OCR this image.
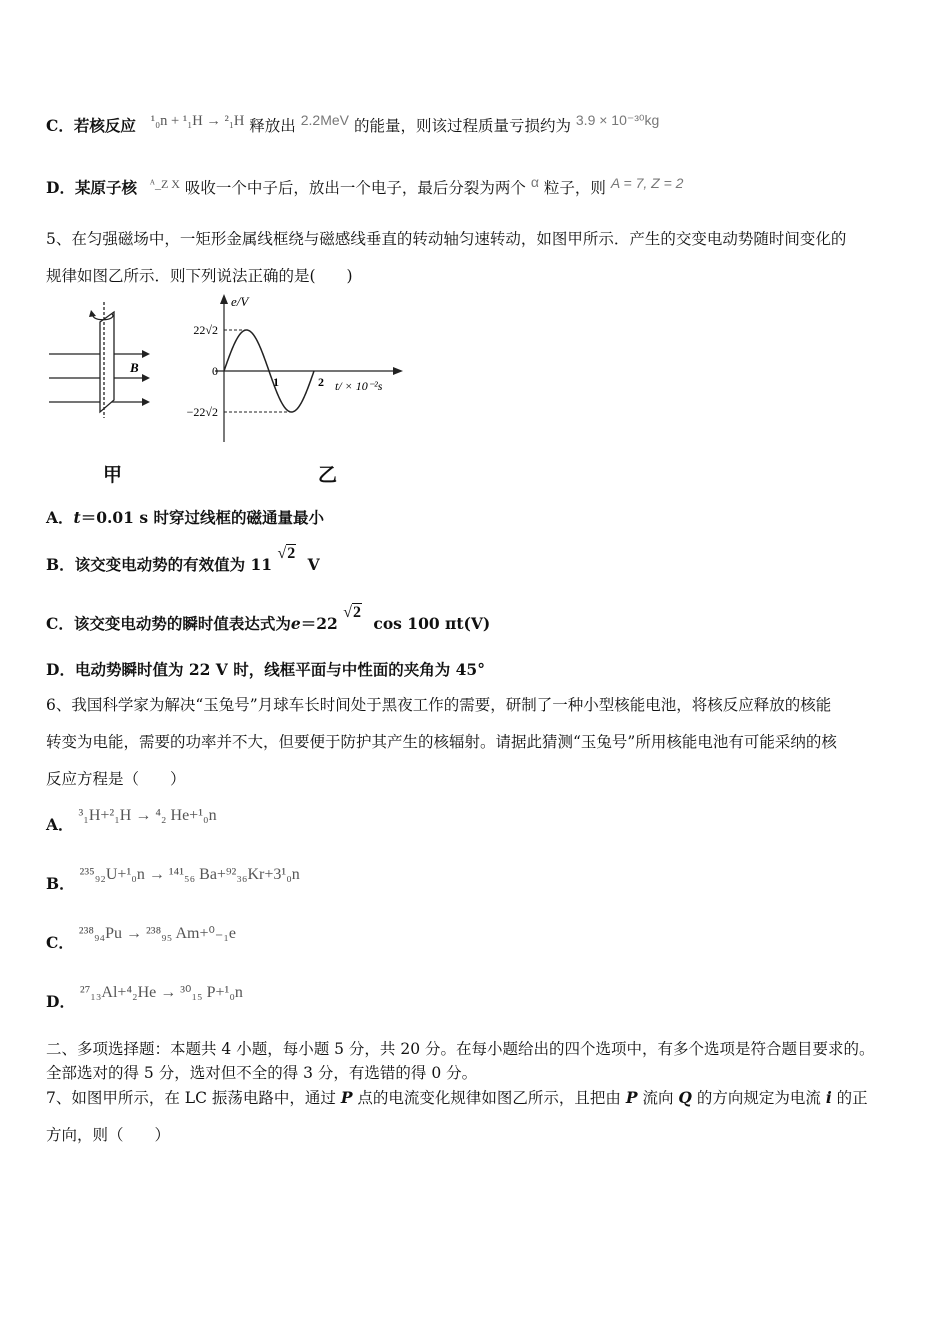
C．若核反应 ¹₀n + ¹₁H → ²₁H 释放出 2.2MeV 的能量，则该过程质量亏损约为 3.9 × 10⁻³⁰kg
D．某原子核 $^{ᴬ\_Z X}$ 吸收一个中子后，放出一个电子，最后分裂为两个 α 粒子，则 A = 7, Z = 2
5、在匀强磁场中，一矩形金属线框绕与磁感线垂直的转动轴匀速转动，如图甲所示．产生的交变电动势随时间变化的
规律如图乙所示．则下列说法正确的是(　　)
B
22√2
0
−22√2
1	2
e/V
t/ × 10⁻²s
甲	乙
A．t＝0.01 s 时穿过线框的磁通量最小
B．该交变电动势的有效值为 11 √2 V
C．该交变电动势的瞬时值表达式为e＝22 √2 cos 100 πt(V)
D．电动势瞬时值为 22 V 时，线框平面与中性面的夹角为 45°
6、我国科学家为解决“玉兔号”月球车长时间处于黑夜工作的需要，研制了一种小型核能电池，将核反应释放的核能
转变为电能，需要的功率并不大，但要便于防护其产生的核辐射。请据此猜测“玉兔号”所用核能电池有可能采纳的核
反应方程是（　　）
A． ³₁H+²₁H → ⁴₂ He+¹₀n
B． ²³⁵₉₂U+¹₀n → ¹⁴¹₅₆ Ba+⁹²₃₆Kr+3¹₀n
C． ²³⁸₉₄Pu → ²³⁸₉₅ Am+⁰₋₁e
D． ²⁷₁₃Al+⁴₂He → ³⁰₁₅ P+¹₀n
二、多项选择题：本题共 4 小题，每小题 5 分，共 20 分。在每小题给出的四个选项中，有多个选项是符合题目要求的。
全部选对的得 5 分，选对但不全的得 3 分，有选错的得 0 分。
7、如图甲所示，在 LC 振荡电路中，通过 P 点的电流变化规律如图乙所示，且把由 P 流向 Q 的方向规定为电流 i 的正
方向，则（　　）
